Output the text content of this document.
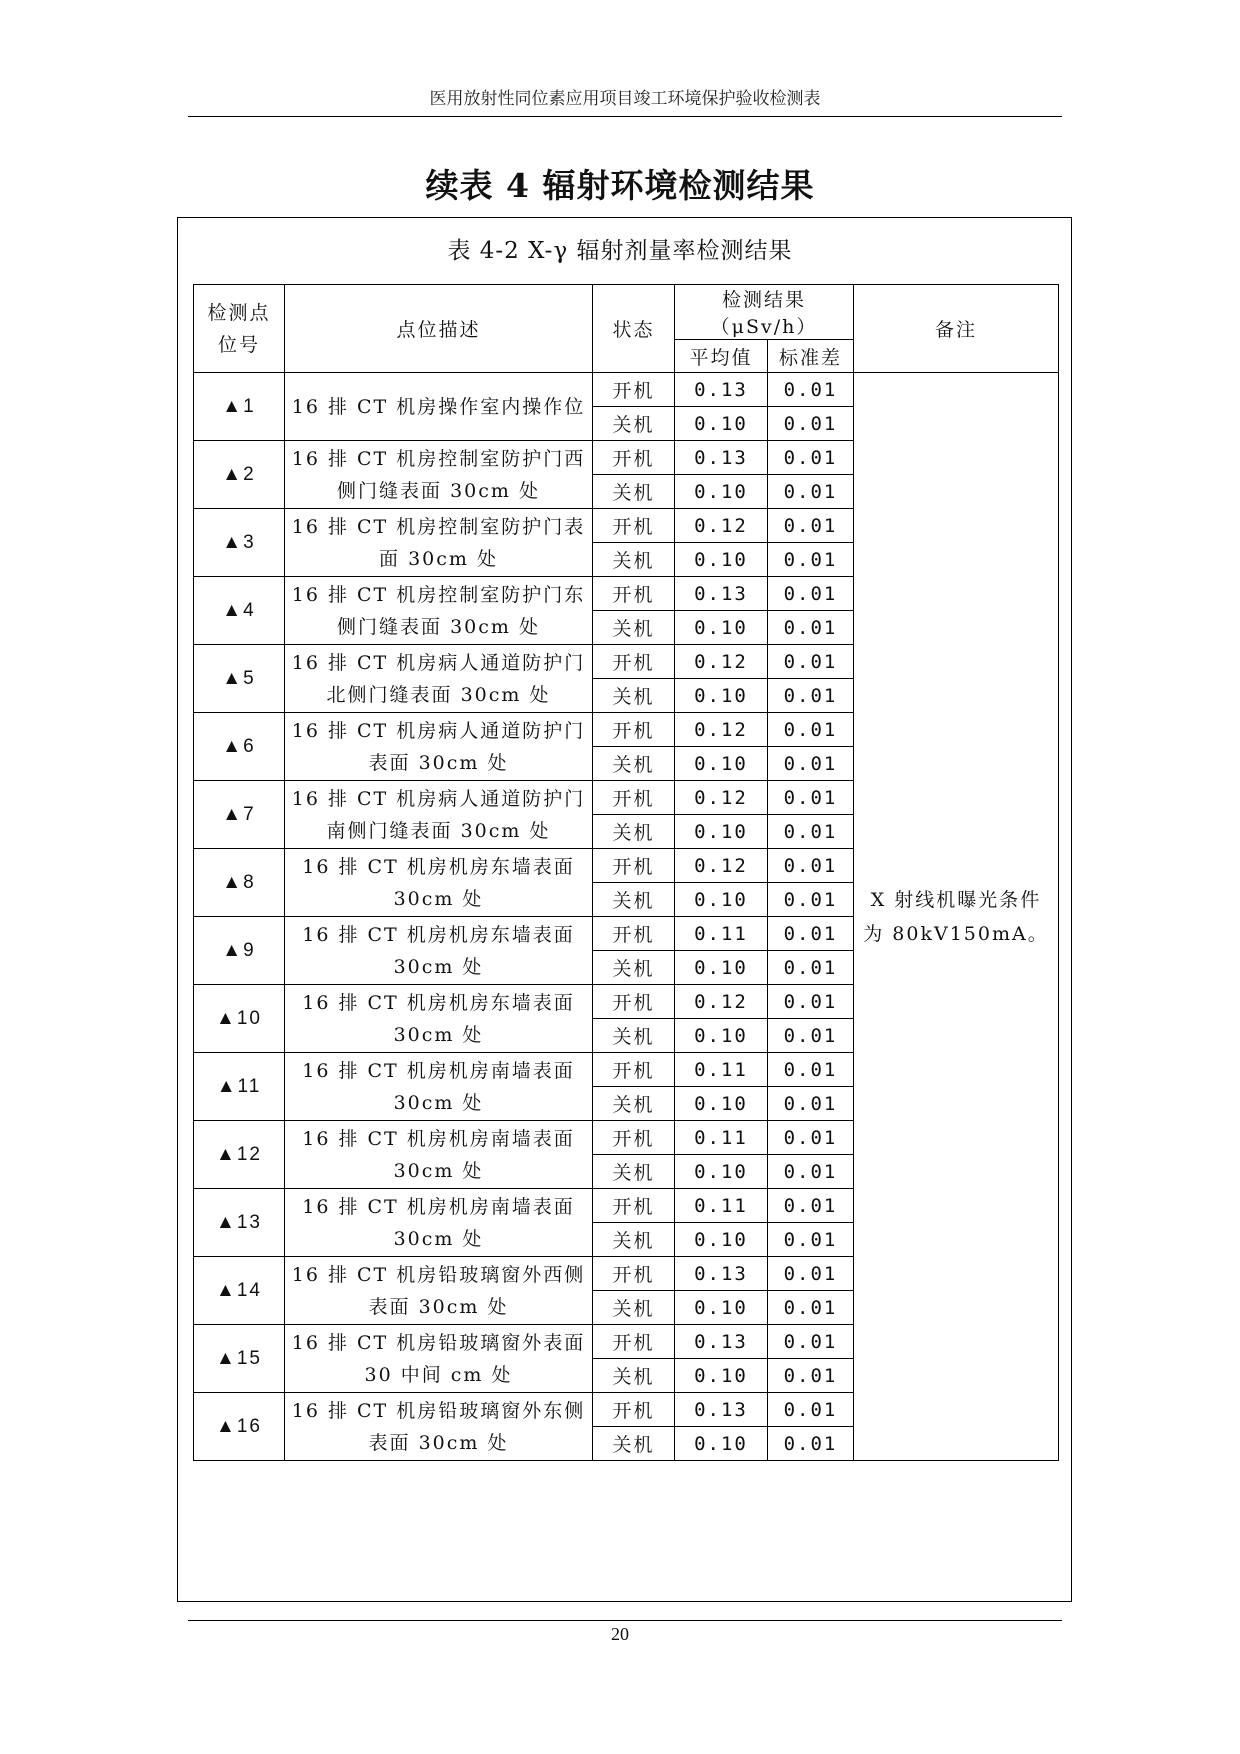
医用放射性同位素应用项目竣工环境保护验收检测表
续表 4 辐射环境检测结果
表 4-2 X-γ 辐射剂量率检测结果
检测点位号	点位描述	状态	检测结果（μSv/h）		备注
			平均值	标准差	
▲1	16 排 CT 机房操作室内操作位	开机	0.13	0.01	X 射线机曝光条件为 80kV150mA。
		关机	0.10	0.01	
▲2	16 排 CT 机房控制室防护门西侧门缝表面 30cm 处	开机	0.13	0.01	
		关机	0.10	0.01	
▲3	16 排 CT 机房控制室防护门表面 30cm 处	开机	0.12	0.01	
		关机	0.10	0.01	
▲4	16 排 CT 机房控制室防护门东侧门缝表面 30cm 处	开机	0.13	0.01	
		关机	0.10	0.01	
▲5	16 排 CT 机房病人通道防护门北侧门缝表面 30cm 处	开机	0.12	0.01	
		关机	0.10	0.01	
▲6	16 排 CT 机房病人通道防护门表面 30cm 处	开机	0.12	0.01	
		关机	0.10	0.01	
▲7	16 排 CT 机房病人通道防护门南侧门缝表面 30cm 处	开机	0.12	0.01	
		关机	0.10	0.01	
▲8	16 排 CT 机房机房东墙表面 30cm 处	开机	0.12	0.01	
		关机	0.10	0.01	
▲9	16 排 CT 机房机房东墙表面 30cm 处	开机	0.11	0.01	
		关机	0.10	0.01	
▲10	16 排 CT 机房机房东墙表面 30cm 处	开机	0.12	0.01	
		关机	0.10	0.01	
▲11	16 排 CT 机房机房南墙表面 30cm 处	开机	0.11	0.01	
		关机	0.10	0.01	
▲12	16 排 CT 机房机房南墙表面 30cm 处	开机	0.11	0.01	
		关机	0.10	0.01	
▲13	16 排 CT 机房机房南墙表面 30cm 处	开机	0.11	0.01	
		关机	0.10	0.01	
▲14	16 排 CT 机房铅玻璃窗外西侧表面 30cm 处	开机	0.13	0.01	
		关机	0.10	0.01	
▲15	16 排 CT 机房铅玻璃窗外表面 30 中间 cm 处	开机	0.13	0.01	
		关机	0.10	0.01	
▲16	16 排 CT 机房铅玻璃窗外东侧表面 30cm 处	开机	0.13	0.01	
		关机	0.10	0.01	
20
